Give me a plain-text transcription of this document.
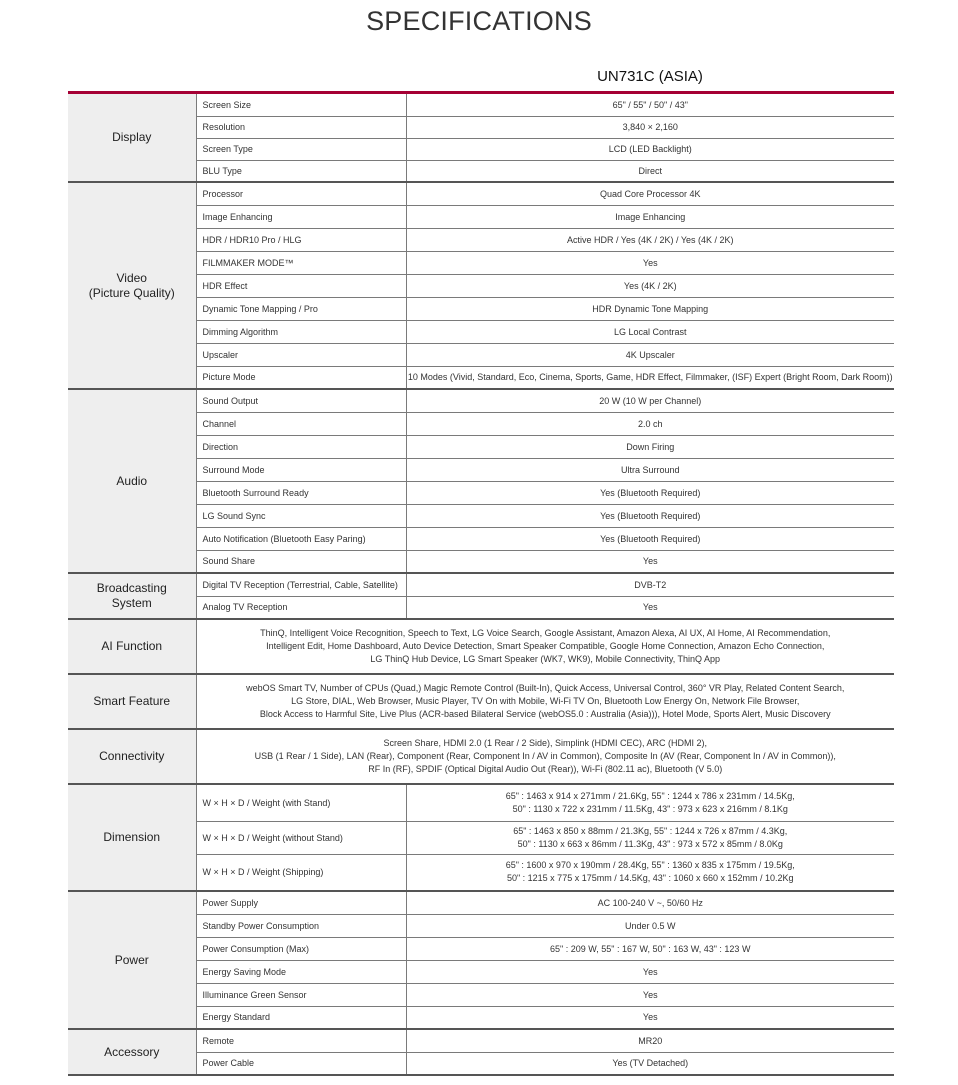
SPECIFICATIONS
UN731C (ASIA)
Display	Screen Size	65" / 55" / 50" / 43"
	Resolution	3,840 × 2,160
	Screen Type	LCD (LED Backlight)
	BLU Type	Direct

Video
(Picture Quality)	Processor	Quad Core Processor 4K
	Image Enhancing	Image Enhancing
	HDR / HDR10 Pro / HLG	Active HDR / Yes (4K / 2K) / Yes (4K / 2K)
	FILMMAKER MODE™	Yes
	HDR Effect	Yes (4K / 2K)
	Dynamic Tone Mapping / Pro	HDR Dynamic Tone Mapping
	Dimming Algorithm	LG Local Contrast
	Upscaler	4K Upscaler
	Picture Mode	10 Modes (Vivid, Standard, Eco, Cinema, Sports, Game, HDR Effect, Filmmaker, (ISF) Expert (Bright Room, Dark Room))
Audio	Sound Output	20 W (10 W per Channel)
	Channel	2.0 ch
	Direction	Down Firing
	Surround Mode	Ultra Surround
	Bluetooth Surround Ready	Yes (Bluetooth Required)
	LG Sound Sync	Yes (Bluetooth Required)
	Auto Notification (Bluetooth Easy Paring)	Yes (Bluetooth Required)
	Sound Share	Yes

Broadcasting
System	Digital TV Reception (Terrestrial, Cable, Satellite)	DVB-T2
	Analog TV Reception	Yes
AI Function	ThinQ, Intelligent Voice Recognition, Speech to Text, LG Voice Search, Google Assistant, Amazon Alexa, AI UX, AI Home, AI Recommendation,
Intelligent Edit, Home Dashboard, Auto Device Detection, Smart Speaker Compatible, Google Home Connection, Amazon Echo Connection,
LG ThinQ Hub Device, LG Smart Speaker (WK7, WK9), Mobile Connectivity, ThinQ App	

Smart Feature	webOS Smart TV, Number of CPUs (Quad,) Magic Remote Control (Built-In), Quick Access, Universal Control, 360° VR Play, Related Content Search,
LG Store, DIAL, Web Browser, Music Player, TV On with Mobile, Wi-Fi TV On, Bluetooth Low Energy On, Network File Browser,
Block Access to Harmful Site, Live Plus (ACR-based Bilateral Service (webOS5.0 : Australia (Asia))), Hotel Mode, Sports Alert, Music Discovery	

Connectivity	Screen Share, HDMI 2.0 (1 Rear / 2 Side), Simplink (HDMI CEC), ARC (HDMI 2),
USB (1 Rear / 1 Side), LAN (Rear), Component (Rear, Component In / AV in Common), Composite In (AV (Rear, Component In / AV in Common)),
RF In (RF), SPDIF (Optical Digital Audio Out (Rear)), Wi-Fi (802.11 ac), Bluetooth (V 5.0)	

Dimension	W × H × D / Weight (with Stand)	65" : 1463 x 914 x 271mm / 21.6Kg, 55" : 1244 x 786 x 231mm / 14.5Kg,
50" : 1130 x 722 x 231mm / 11.5Kg, 43" : 973 x 623 x 216mm / 8.1Kg

	W × H × D / Weight (without Stand)	65" : 1463 x 850 x 88mm / 21.3Kg, 55" : 1244 x 726 x 87mm / 4.3Kg,
50" : 1130 x 663 x 86mm / 11.3Kg, 43" : 973 x 572 x 85mm / 8.0Kg

	W × H × D / Weight (Shipping)	65" : 1600 x 970 x 190mm / 28.4Kg, 55" : 1360 x 835 x 175mm / 19.5Kg,
50" : 1215 x 775 x 175mm / 14.5Kg, 43" : 1060 x 660 x 152mm / 10.2Kg

Power	Power Supply	AC 100-240 V ~, 50/60 Hz
	Standby Power Consumption	Under 0.5 W
	Power Consumption (Max)	65" : 209 W, 55" : 167 W, 50" : 163 W, 43" : 123 W
	Energy Saving Mode	Yes
	Illuminance Green Sensor	Yes
	Energy Standard	Yes
Accessory	Remote	MR20
	Power Cable	Yes (TV Detached)
